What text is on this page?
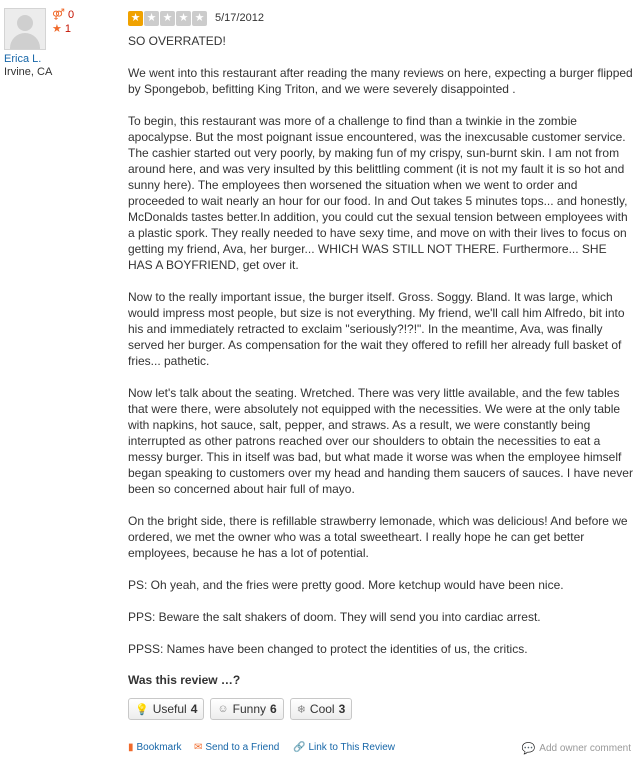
⚤ 0
★ 1
Erica L.
Irvine, CA
★ ★ ★ ★ ★ 5/17/2012

SO OVERRATED!

We went into this restaurant after reading the many reviews on here, expecting a burger flipped by Spongebob, befitting King Triton, and we were severely disappointed .

To begin, this restaurant was more of a challenge to find than a twinkie in the zombie apocalypse. But the most poignant issue encountered, was the inexcusable customer service. The cashier started out very poorly, by making fun of my crispy, sun-burnt skin. I am not from around here, and was very insulted by this belittling comment (it is not my fault it is so hot and sunny here). The employees then worsened the situation when we went to order and proceeded to wait nearly an hour for our food. In and Out takes 5 minutes tops... and honestly, McDonalds tastes better.In addition, you could cut the sexual tension between employees with a plastic spork. They really needed to have sexy time, and move on with their lives to focus on getting my friend, Ava, her burger... WHICH WAS STILL NOT THERE. Furthermore... SHE HAS A BOYFRIEND, get over it.

Now to the really important issue, the burger itself. Gross. Soggy. Bland. It was large, which would impress most people, but size is not everything. My friend, we'll call him Alfredo, bit into his and immediately retracted to exclaim "seriously?!?!". In the meantime, Ava, was finally served her burger. As compensation for the wait they offered to refill her already full basket of fries... pathetic.

Now let's talk about the seating. Wretched. There was very little available, and the few tables that were there, were absolutely not equipped with the necessities. We were at the only table with napkins, hot sauce, salt, pepper, and straws. As a result, we were constantly being interrupted as other patrons reached over our shoulders to obtain the necessities to eat a messy burger. This in itself was bad, but what made it worse was when the employee himself began speaking to customers over my head and handing them saucers of sauces. I have never been so concerned about hair full of mayo.

On the bright side, there is refillable strawberry lemonade, which was delicious! And before we ordered, we met the owner who was a total sweetheart. I really hope he can get better employees, because he has a lot of potential.

PS: Oh yeah, and the fries were pretty good. More ketchup would have been nice.

PPS: Beware the salt shakers of doom. They will send you into cardiac arrest.

PPSS: Names have been changed to protect the identities of us, the critics.

Was this review …?
💡 Useful 4 ☺ Funny 6 ❄ Cool 3
▮ Bookmark ✉ Send to a Friend 🔗 Link to This Review	💬 Add owner comment
